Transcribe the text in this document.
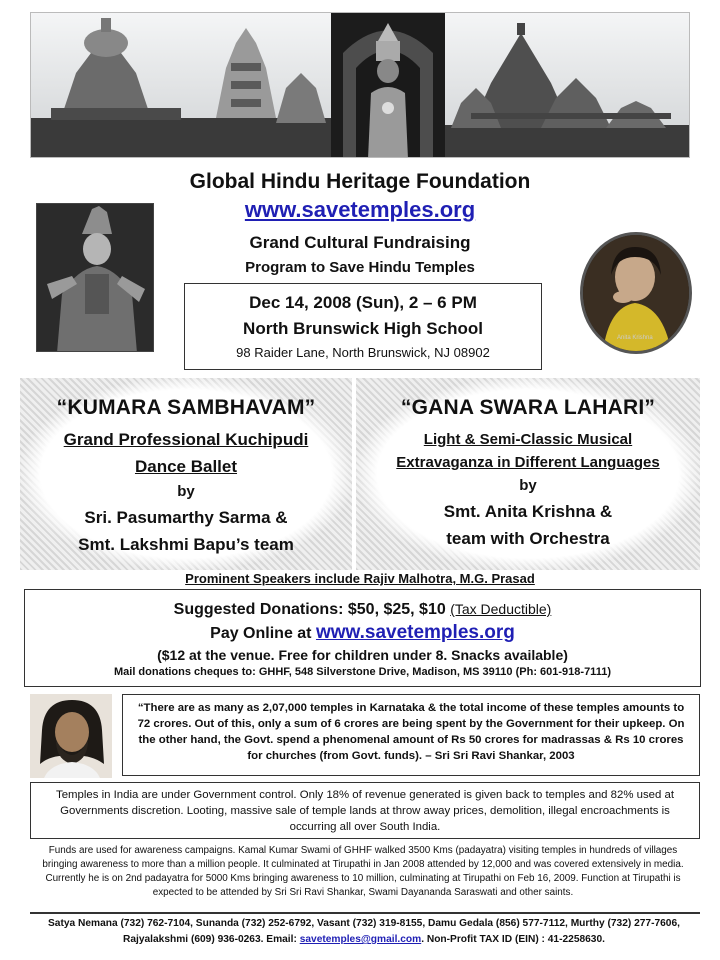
Global Hindu Heritage Foundation
www.savetemples.org
Grand Cultural Fundraising
Program to Save Hindu Temples
Anita Krishna
Dec 14, 2008 (Sun), 2 – 6 PM
North Brunswick High School
98 Raider Lane, North Brunswick, NJ 08902
“KUMARA SAMBHAVAM”
Grand Professional Kuchipudi
Dance Ballet
by
Sri. Pasumarthy Sarma &
Smt. Lakshmi Bapu’s team
“GANA SWARA LAHARI”
Light & Semi-Classic Musical
Extravaganza in Different Languages
by
Smt. Anita Krishna &
team with Orchestra
Prominent Speakers include Rajiv Malhotra, M.G. Prasad
Suggested Donations: $50, $25, $10 (Tax Deductible)
Pay Online at www.savetemples.org
($12 at the venue. Free for children under 8. Snacks available)
Mail donations cheques to: GHHF, 548 Silverstone Drive, Madison, MS 39110 (Ph: 601-918-7111)
“There are as many as 2,07,000 temples in Karnataka & the total income of these temples amounts to 72 crores. Out of this, only a sum of 6 crores are being spent by the Government for their upkeep. On the other hand, the Govt. spend a phenomenal amount of Rs 50 crores for madrassas & Rs 10 crores for churches (from Govt. funds). – Sri Sri Ravi Shankar, 2003
Temples in India are under Government control. Only 18% of revenue generated is given back to temples and 82% used at Governments discretion. Looting, massive sale of temple lands at throw away prices, demolition, illegal encroachments is occurring all over South India.
Funds are used for awareness campaigns. Kamal Kumar Swami of GHHF walked 3500 Kms (padayatra) visiting temples in hundreds of villages bringing awareness to more than a million people. It culminated at Tirupathi in Jan 2008 attended by 12,000 and was covered extensively in media. Currently he is on 2nd padayatra for 5000 Kms bringing awareness to 10 million, culminating at Tirupathi on Feb 16, 2009. Function at Tirupathi is expected to be attended by Sri Sri Ravi Shankar, Swami Dayananda Saraswati and other saints.
Satya Nemana (732) 762-7104, Sunanda (732) 252-6792, Vasant (732) 319-8155, Damu Gedala (856) 577-7112, Murthy (732) 277-7606, Rajyalakshmi (609) 936-0263. Email: savetemples@gmail.com. Non-Profit TAX ID (EIN) : 41-2258630.
